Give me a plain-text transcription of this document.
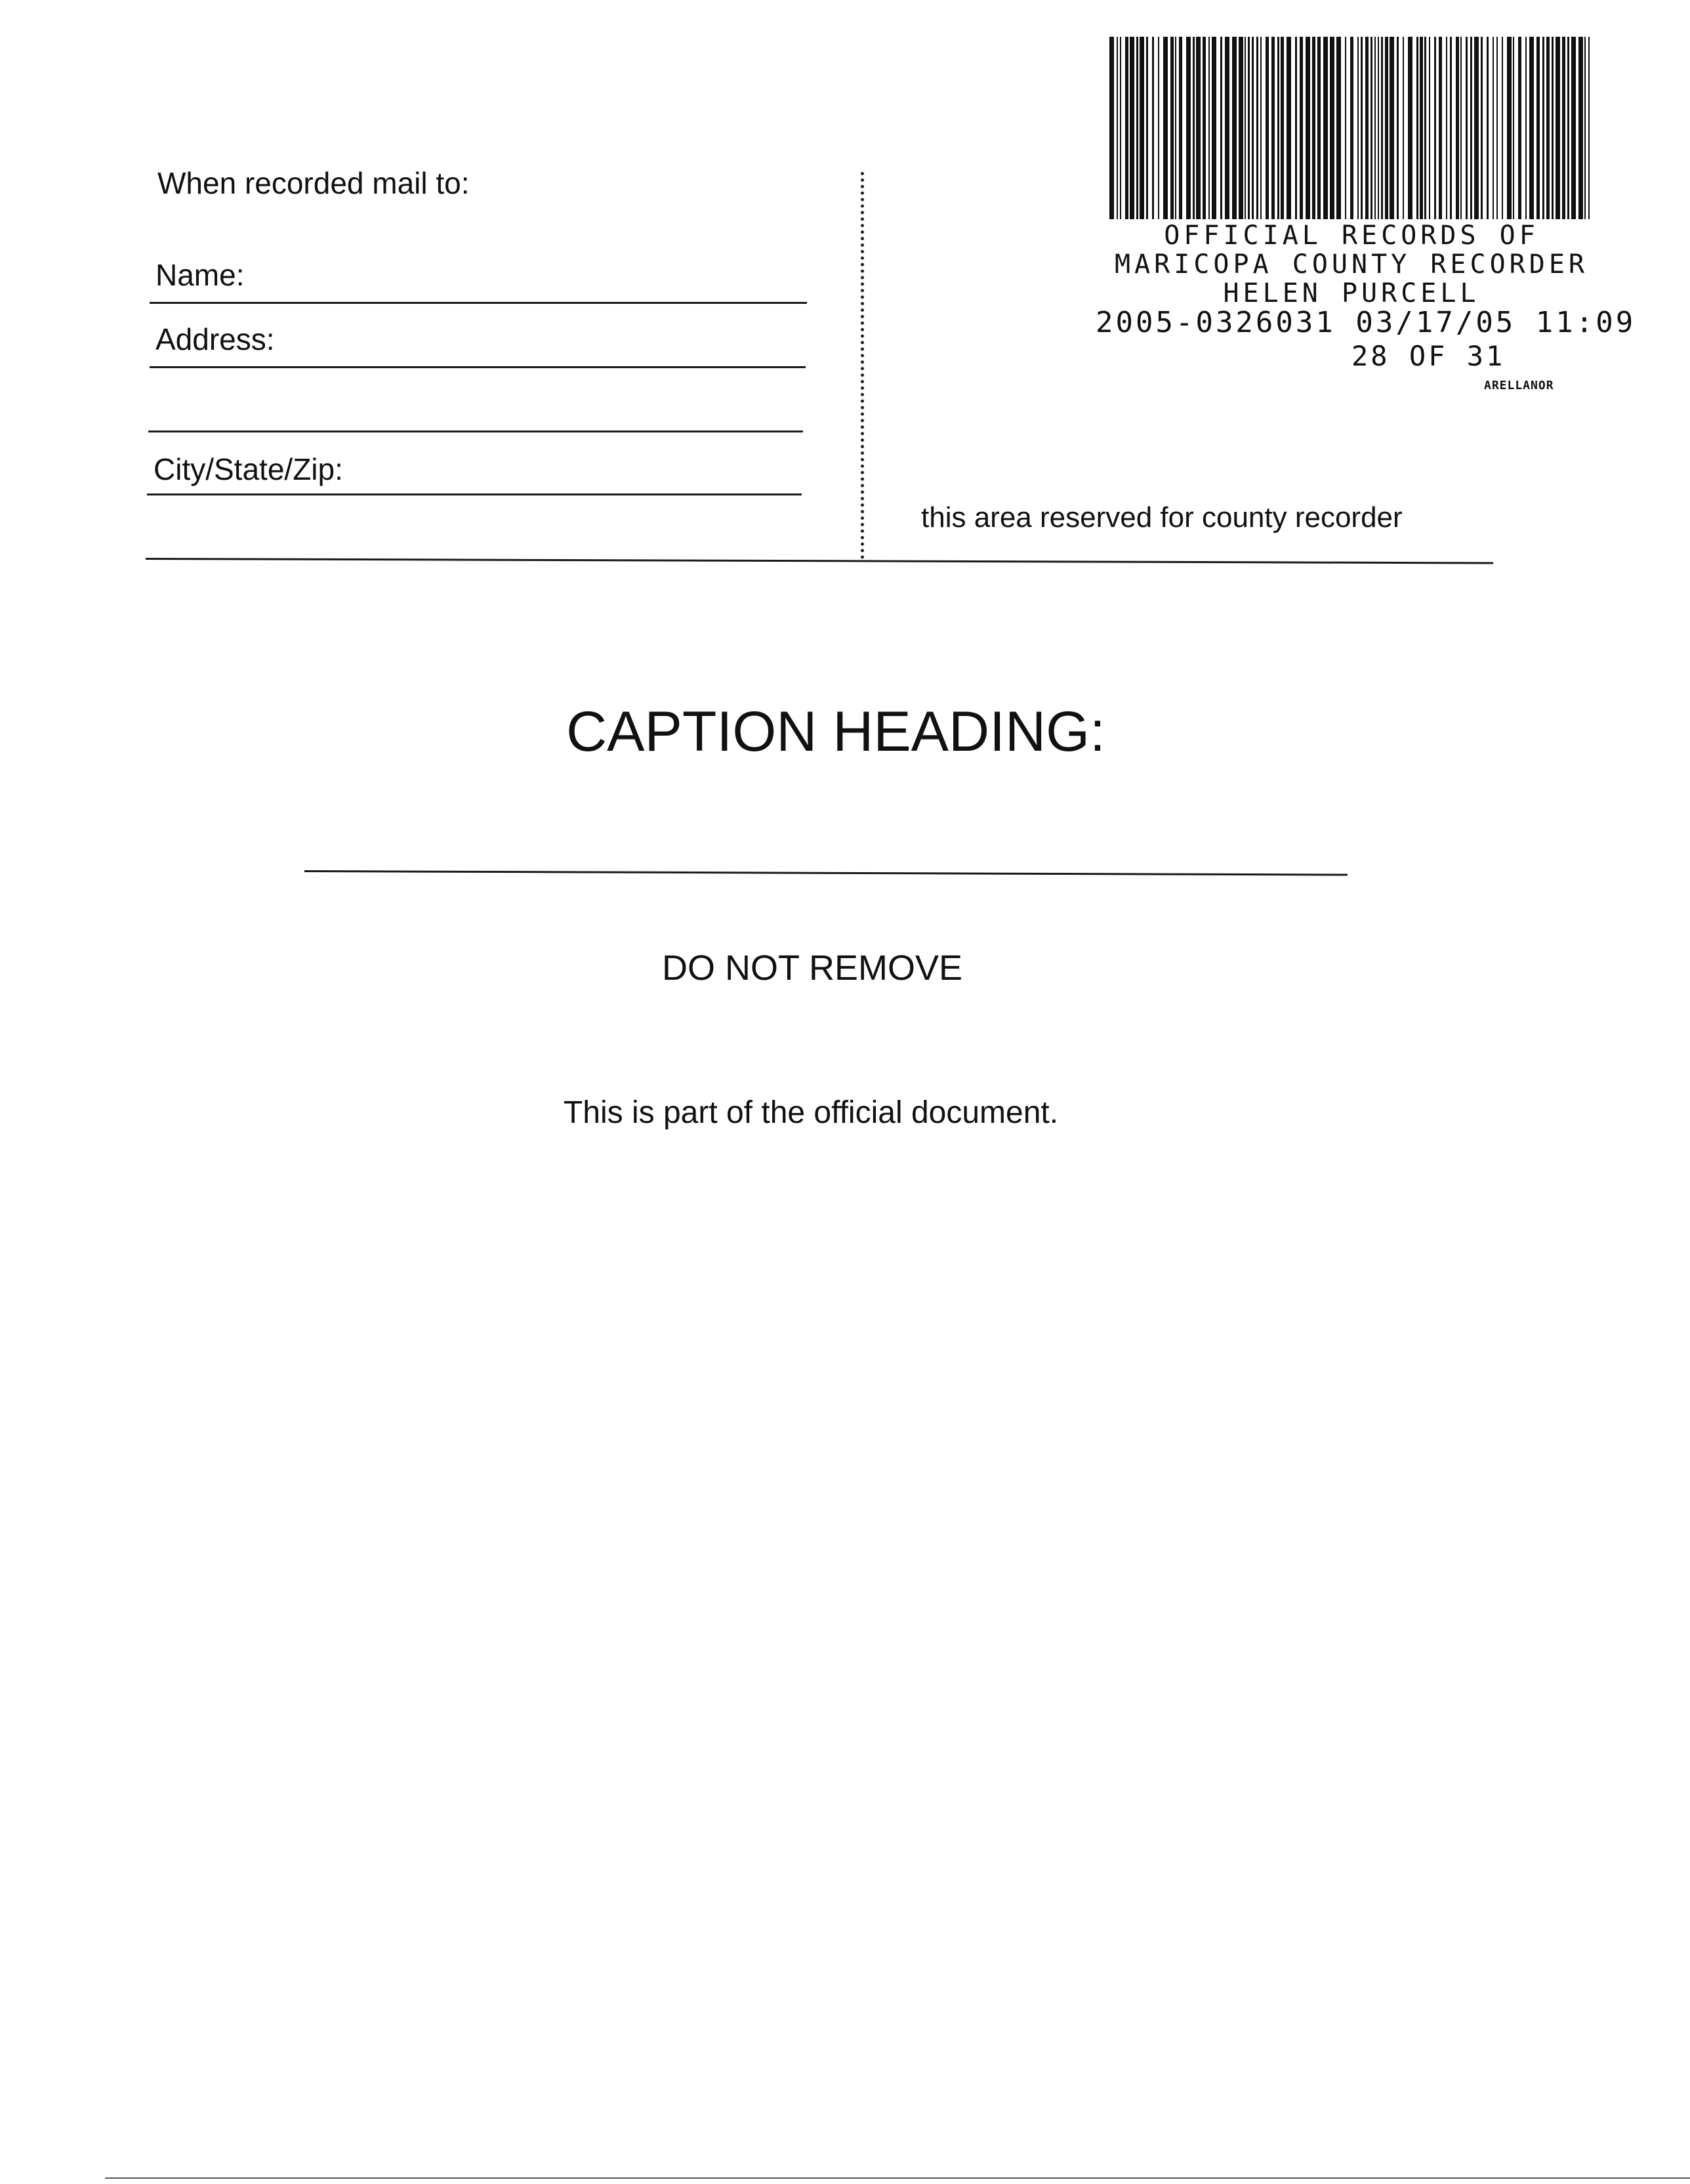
When recorded mail to:
Name:
Address:
City/State/Zip:
OFFICIAL RECORDS OF
MARICOPA COUNTY RECORDER
HELEN PURCELL
2005-0326031 03/17/05 11:09
28 OF 31
ARELLANOR
this area reserved for county recorder
CAPTION HEADING:
DO NOT REMOVE
This is part of the official document.
